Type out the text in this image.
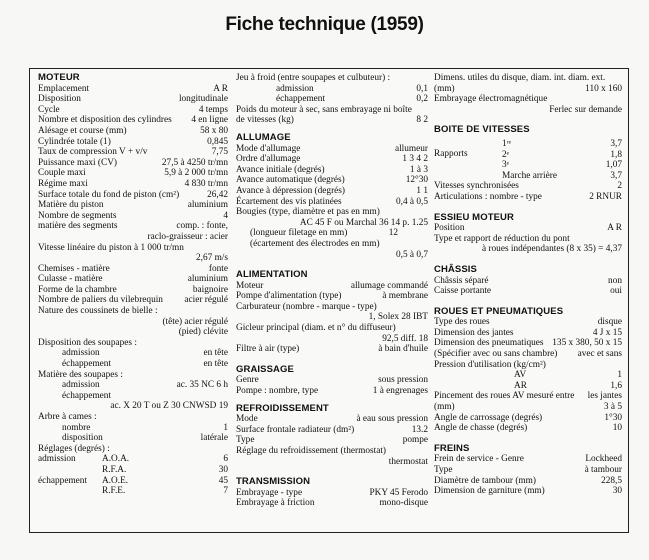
Fiche technique (1959)
MOTEUR
Emplacement	A R
Disposition	longitudinale
Cycle	4 temps
Nombre et disposition des cylindres 4 en ligne
Alésage et course (mm)	58 x 80
Cylindrée totale (1)	0,845
Taux de compression V + v/v	7,75
Puissance maxi (CV)	27,5 à 4250 tr/mn
Couple maxi	5,9 à 2 000 tr/mn
Régime maxi	4 830 tr/mn
Surface totale du fond de piston (cm²)	26,42
Matière du piston	aluminium
Nombre de segments	4
matière des segments	comp. : fonte,
raclo-graisseur : acier
Vitesse linéaire du piston à 1 000 tr/mn
2,67 m/s
Chemises - matière	fonte
Culasse - matière	aluminium
Forme de la chambre	baignoire
Nombre de paliers du vilebrequin acier régulé
Nature des coussinets de bielle :
(tête) acier régulé
(pied) clévite
Disposition des soupapes :
admission	en tête
échappement	en tête
Matière des soupapes :
admission	ac. 35 NC 6 h
échappement
ac. X 20 T ou Z 30 CNWSD 19
Arbre à cames :
nombre	1
disposition	latérale
Réglages (degrés) :
admission	A.O.A.	6
R.F.A.	30
échappement	A.O.E.	45
R.F.E.	7
Jeu à froid (entre soupapes et culbuteur) :
admission	0,1
échappement	0,2
Poids du moteur à sec, sans embrayage ni boîte
de vitesses (kg)	8 2
ALLUMAGE
Mode d'allumage	allumeur
Ordre d'allumage	1 3 4 2
Avance initiale (degrés)	1 à 3
Avance automatique (degrés)	12°30
Avance à dépression (degrés)	1 1
Écartement des vis platinées	0,4 à 0,5
Bougies (type, diamètre et pas en mm)
AC 45 F ou Marchal 36 14 p. 1.25
(longueur filetage en mm)	12
(écartement des électrodes en mm)
0,5 à 0,7
ALIMENTATION
Moteur	allumage commandé
Pompe d'alimentation (type)	à membrane
Carburateur (nombre - marque - type)
1, Solex 28 IBT
Gicleur principal (diam. et n° du diffuseur)
92,5 diff. 18
Filtre à air (type)	à bain d'huile
GRAISSAGE
Genre	sous pression
Pompe : nombre, type	1 à engrenages
REFROIDISSEMENT
Mode	à eau sous pression
Surface frontale radiateur (dm²)	13.2
Type	pompe
Réglage du refroidissement (thermostat)
thermostat
TRANSMISSION
Embrayage - type	PKY 45 Ferodo
Embrayage à friction	mono-disque
Dimens. utiles du disque, diam. int. diam. ext.
(mm)	110 x 160
Embrayage électromagnétique
Ferlec sur demande
BOITE DE VITESSES
1ʳᵉ	3,7
2ᵉ	1,8
3ᵉ	1,07
Marche arrière	3,7
Rapports
Vitesses synchronisées	2
Articulations : nombre - type	2 RNUR
ESSIEU MOTEUR
Position	A R
Type et rapport de réduction du pont
à roues indépendantes (8 x 35) = 4,37
CHÂSSIS
Châssis séparé	non
Caisse portante	oui
ROUES ET PNEUMATIQUES
Type des roues	disque
Dimension des jantes	4 J x 15
Dimension des pneumatiques 135 x 380, 50 x 15
(Spécifier avec ou sans chambre) avec et sans
Pression d'utilisation (kg/cm²)
AV	1
AR	1,6
Pincement des roues AV mesuré entre les jantes
(mm)	3 à 5
Angle de carrossage (degrés)	1°30
Angle de chasse (degrés)	10
FREINS
Frein de service - Genre	Lockheed
Type	à tambour
Diamètre de tambour (mm)	228,5
Dimension de garniture (mm)	30
